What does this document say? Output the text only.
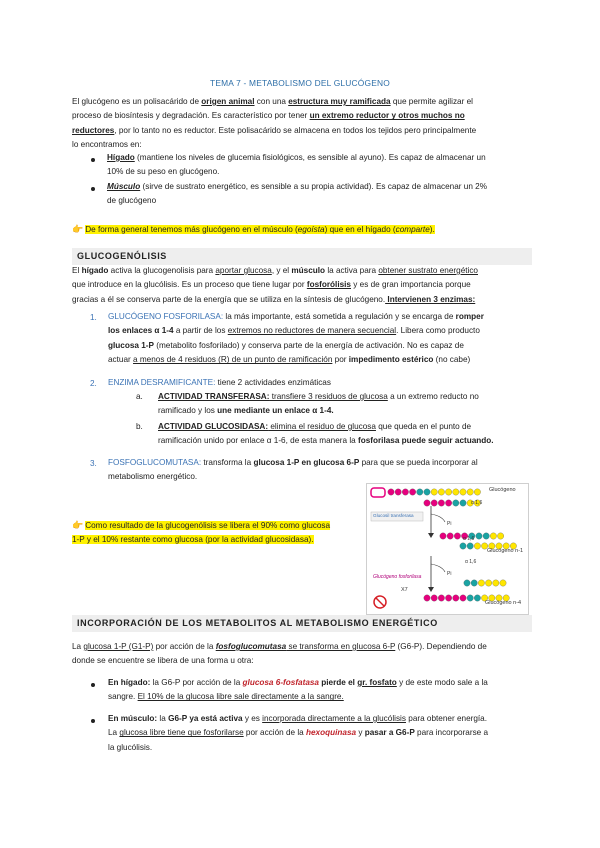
TEMA 7 - METABOLISMO DEL GLUCÓGENO
El glucógeno es un polisacárido de origen animal con una estructura muy ramificada que permite agilizar el
proceso de biosíntesis y degradación. Es característico por tener un extremo reductor y otros muchos no
reductores, por lo tanto no es reductor. Este polisacárido se almacena en todos los tejidos pero principalmente
lo encontramos en:
Hígado (mantiene los niveles de glucemia fisiológicos, es sensible al ayuno). Es capaz de almacenar un
10% de su peso en glucógeno.
Músculo (sirve de sustrato energético, es sensible a su propia actividad). Es capaz de almacenar un 2%
de glucógeno
👉 De forma general tenemos más glucógeno en el músculo (egoísta) que en el hígado (comparte).
GLUCOGENÓLISIS
El hígado activa la glucogenolisis para aportar glucosa, y el músculo la activa para obtener sustrato energético
que introduce en la glucólisis. Es un proceso que tiene lugar por fosforólisis y es de gran importancia porque
gracias a él se conserva parte de la energía que se utiliza en la síntesis de glucógeno. Intervienen 3 enzimas:
1. GLUCÓGENO FOSFORILASA: la más importante, está sometida a regulación y se encarga de romper
los enlaces α 1-4 a partir de los extremos no reductores de manera secuencial. Libera como producto
glucosa 1-P (metabolito fosforilado) y conserva parte de la energía de activación. No es capaz de
actuar a menos de 4 residuos (R) de un punto de ramificación por impedimento estérico (no cabe)
2. ENZIMA DESRAMIFICANTE: tiene 2 actividades enzimáticas
a. ACTIVIDAD TRANSFERASA: transfiere 3 residuos de glucosa a un extremo reducto no
ramificado y los une mediante un enlace α 1-4.
b. ACTIVIDAD GLUCOSIDASA: elimina el residuo de glucosa que queda en el punto de
ramificación unido por enlace α 1-6, de esta manera la fosforilasa puede seguir actuando.
3. FOSFOGLUCOMUTASA: transforma la glucosa 1-P en glucosa 6-P para que se pueda incorporar al
metabolismo energético.
👉 Como resultado de la glucogenólisis se libera el 90% como glucosa
1-P y el 10% restante como glucosa (por la actividad glucosidasa).
Glucógeno
α 1,6
Glucosil transferasa
Pi
α 1,6
Glucógeno n-1
Pi
α 1,6
Glucógeno fosforilasa
X7
Glucógeno n-4
INCORPORACIÓN DE LOS METABOLITOS AL METABOLISMO ENERGÉTICO
La glucosa 1-P (G1-P) por acción de la fosfoglucomutasa se transforma en glucosa 6-P (G6-P). Dependiendo de
donde se encuentre se libera de una forma u otra:
En hígado: la G6-P por acción de la glucosa 6-fosfatasa pierde el gr. fosfato y de este modo sale a la
sangre. El 10% de la glucosa libre sale directamente a la sangre.
En músculo: la G6-P ya está activa y es incorporada directamente a la glucólisis para obtener energía.
La glucosa libre tiene que fosforilarse por acción de la hexoquinasa y pasar a G6-P para incorporarse a
la glucólisis.
